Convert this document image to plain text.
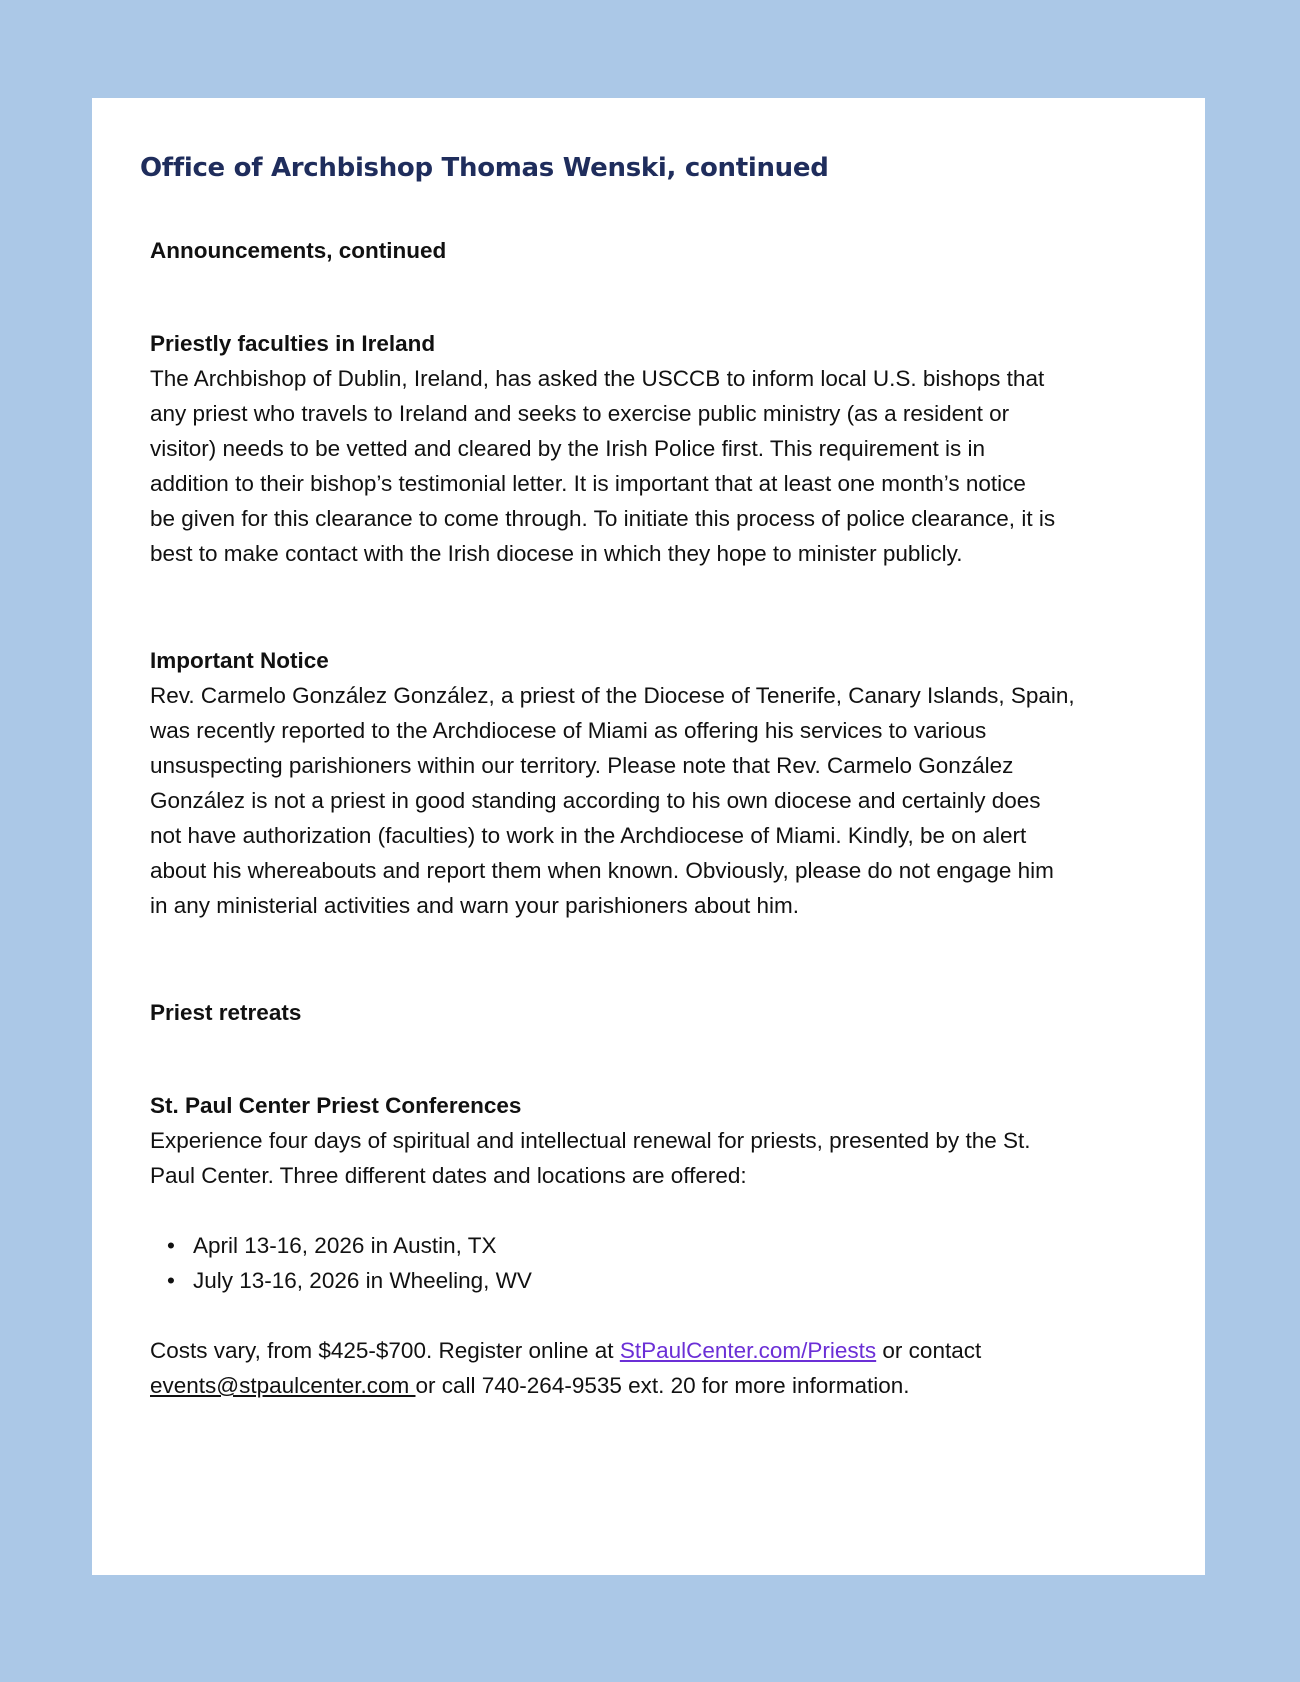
Office of Archbishop Thomas Wenski, continued

Announcements, continued

Priestly faculties in Ireland

The Archbishop of Dublin, Ireland, has asked the USCCB to inform local U.S. bishops that
any priest who travels to Ireland and seeks to exercise public ministry (as a resident or
visitor) needs to be vetted and cleared by the Irish Police first. This requirement is in
addition to their bishop’s testimonial letter. It is important that at least one month’s notice
be given for this clearance to come through. To initiate this process of police clearance, it is
best to make contact with the Irish diocese in which they hope to minister publicly.

Important Notice

Rev. Carmelo González González, a priest of the Diocese of Tenerife, Canary Islands, Spain,
was recently reported to the Archdiocese of Miami as offering his services to various
unsuspecting parishioners within our territory. Please note that Rev. Carmelo González
González is not a priest in good standing according to his own diocese and certainly does
not have authorization (faculties) to work in the Archdiocese of Miami. Kindly, be on alert
about his whereabouts and report them when known. Obviously, please do not engage him
in any ministerial activities and warn your parishioners about him.

Priest retreats

St. Paul Center Priest Conferences

Experience four days of spiritual and intellectual renewal for priests, presented by the St.
Paul Center. Three different dates and locations are offered:

• April 13-16, 2026 in Austin, TX
• July 13-16, 2026 in Wheeling, WV

Costs vary, from $425-$700. Register online at StPaulCenter.com/Priests or contact
events@stpaulcenter.com or call 740-264-9535 ext. 20 for more information.
